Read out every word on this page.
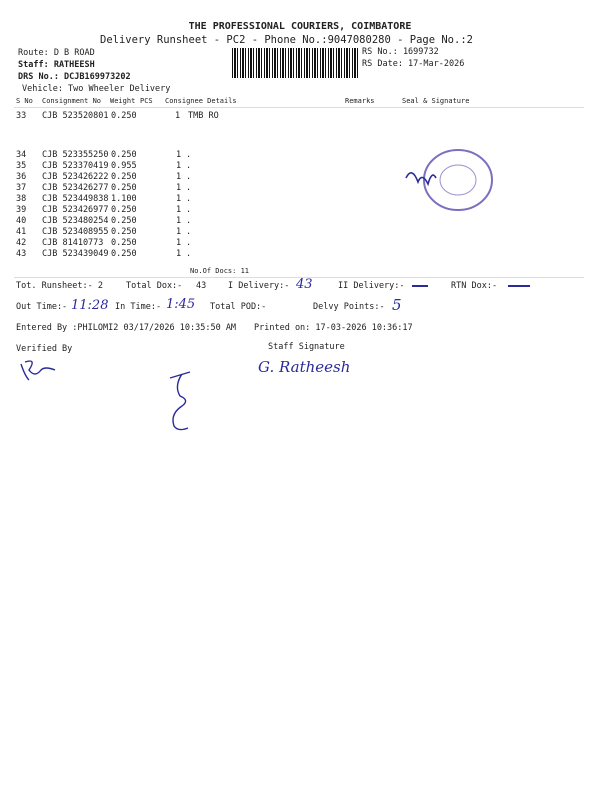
THE PROFESSIONAL COURIERS, COIMBATORE
Delivery Runsheet - PC2 - Phone No.:9047080280 - Page No.:2
Route: D B ROAD
Staff: RATHEESH
DRS No.: DCJB169973202
Vehicle: Two Wheeler Delivery
RS No.: 1699732
RS Date: 17-Mar-2026
S No Consignment No Weight PCS Consignee Details	Remarks	Seal & Signature
33 CJB 523520801 0.250	1 TMB RO
34 CJB 523355250 0.250	1 .
35 CJB 523370419 0.955	1 .
36 CJB 523426222 0.250	1 .
37 CJB 523426277 0.250	1 .
38 CJB 523449838 1.100	1 .
39 CJB 523426977 0.250	1 .
40 CJB 523480254 0.250	1 .
41 CJB 523408955 0.250	1 .
42 CJB 81410773 0.250	1 .
43 CJB 523439049 0.250	1 .
No.Of Docs: 11
Tot. Runsheet:- 2	Total Dox:- 43	I Delivery:- 43	II Delivery:-	RTN Dox:-
Out Time:- 11:28 In Time:- 1:45 Total POD:-	Delvy Points:- 5
Entered By :PHILOMI2 03/17/2026 10:35:50 AM Printed on: 17-03-2026 10:36:17
Verified By	Staff Signature
G. Ratheesh
